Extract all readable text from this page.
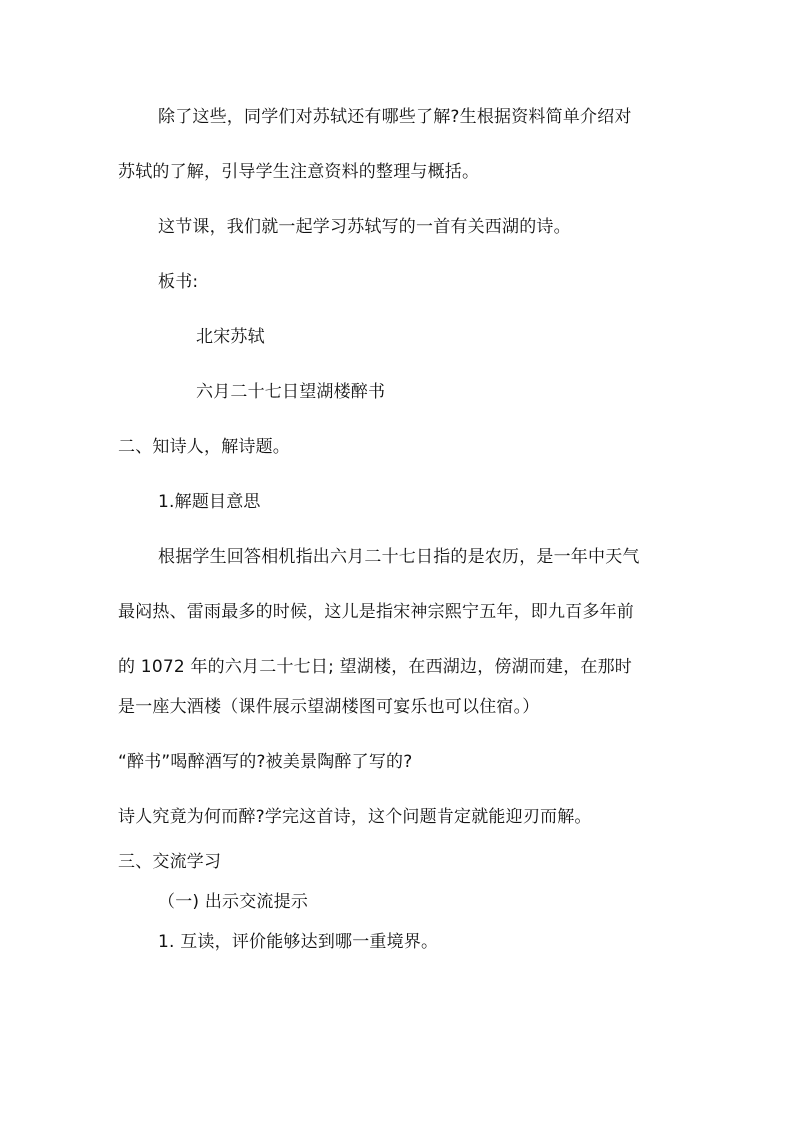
除了这些，同学们对苏轼还有哪些了解?生根据资料简单介绍对
苏轼的了解，引导学生注意资料的整理与概括。
这节课，我们就一起学习苏轼写的一首有关西湖的诗。
板书:
北宋苏轼
六月二十七日望湖楼醉书
二、知诗人，解诗题。
1.解题目意思
根据学生回答相机指出六月二十七日指的是农历，是一年中天气
最闷热、雷雨最多的时候，这儿是指宋神宗熙宁五年，即九百多年前
的 1072 年的六月二十七日; 望湖楼，在西湖边，傍湖而建，在那时
是一座大酒楼（课件展示望湖楼图可宴乐也可以住宿。）
“醉书”喝醉酒写的?被美景陶醉了写的?
诗人究竟为何而醉?学完这首诗，这个问题肯定就能迎刃而解。
三、交流学习
（一) 出示交流提示
1. 互读，评价能够达到哪一重境界。
